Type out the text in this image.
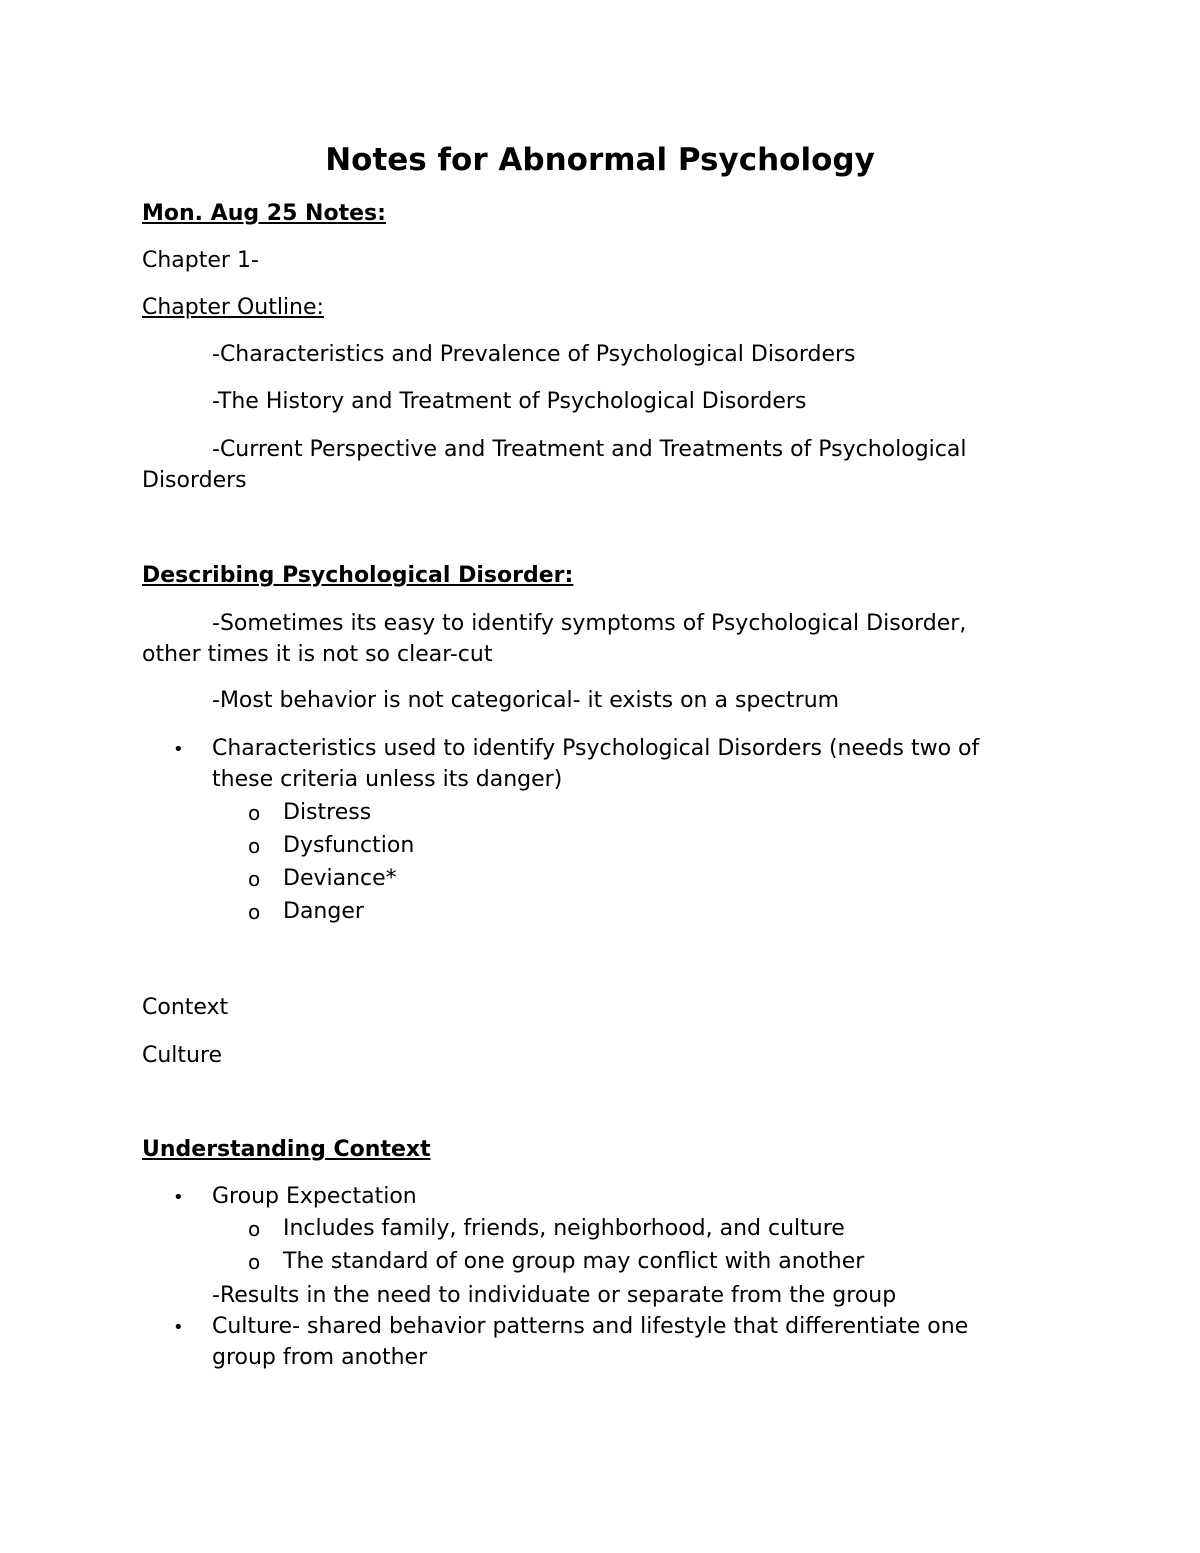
Notes for Abnormal Psychology

Mon. Aug 25 Notes:

Chapter 1-

Chapter Outline:

-Characteristics and Prevalence of Psychological Disorders

-The History and Treatment of Psychological Disorders

-Current Perspective and Treatment and Treatments of Psychological

Disorders

Describing Psychological Disorder:

-Sometimes its easy to identify symptoms of Psychological Disorder,

other times it is not so clear-cut

-Most behavior is not categorical- it exists on a spectrum

• Characteristics used to identify Psychological Disorders (needs two of

these criteria unless its danger)

o Distress

o Dysfunction

o Deviance*

o Danger

Context

Culture

Understanding Context

• Group Expectation

o Includes family, friends, neighborhood, and culture

o The standard of one group may conflict with another

-Results in the need to individuate or separate from the group

• Culture- shared behavior patterns and lifestyle that differentiate one

group from another
